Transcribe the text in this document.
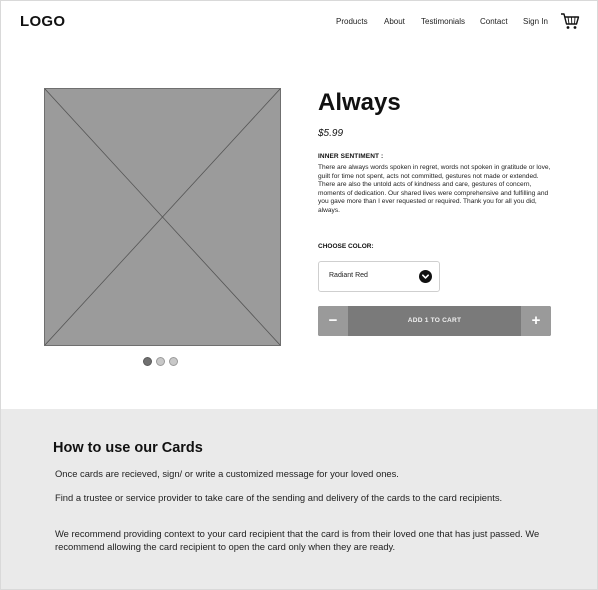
LOGO	Products About Testimonials Contact Sign In
Always
$5.99
INNER SENTIMENT :
There are always words spoken in regret, words not spoken in gratitude or love, guilt for time not spent, acts not committed, gestures not made or extended. There are also the untold acts of kindness and care, gestures of concern, moments of dedication. Our shared lives were comprehensive and fulfilling and you gave more than I ever requested or required. Thank you for all you did, always.
CHOOSE COLOR:
Radiant Red
−	ADD 1 TO CART	+
How to use our Cards

Once cards are recieved, sign/ or write a customized message for your loved ones.

Find a trustee or service provider to take care of the sending and delivery of the cards to the card recipients.

We recommend providing context to your card recipient that the card is from their loved one that has just passed. We recommend allowing the card recipient to open the card only when they are ready.
